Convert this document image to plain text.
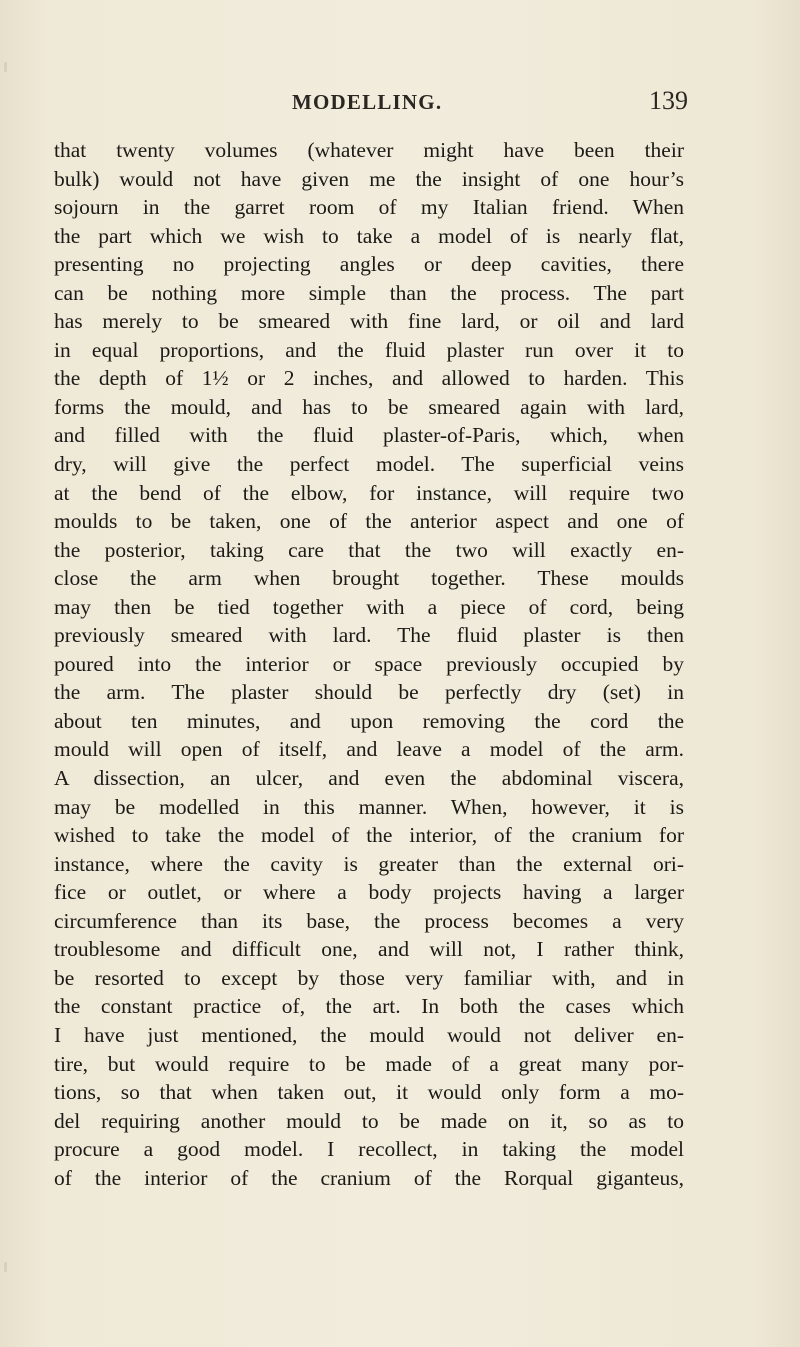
MODELLING.	139
that twenty volumes (whatever might have been their
bulk) would not have given me the insight of one hour’s
sojourn in the garret room of my Italian friend. When
the part which we wish to take a model of is nearly flat,
presenting no projecting angles or deep cavities, there
can be nothing more simple than the process. The part
has merely to be smeared with fine lard, or oil and lard
in equal proportions, and the fluid plaster run over it to
the depth of 1½ or 2 inches, and allowed to harden. This
forms the mould, and has to be smeared again with lard,
and filled with the fluid plaster-of-Paris, which, when
dry, will give the perfect model. The superficial veins
at the bend of the elbow, for instance, will require two
moulds to be taken, one of the anterior aspect and one of
the posterior, taking care that the two will exactly en-
close the arm when brought together. These moulds
may then be tied together with a piece of cord, being
previously smeared with lard. The fluid plaster is then
poured into the interior or space previously occupied by
the arm. The plaster should be perfectly dry (set) in
about ten minutes, and upon removing the cord the
mould will open of itself, and leave a model of the arm.
A dissection, an ulcer, and even the abdominal viscera,
may be modelled in this manner. When, however, it is
wished to take the model of the interior, of the cranium for
instance, where the cavity is greater than the external ori-
fice or outlet, or where a body projects having a larger
circumference than its base, the process becomes a very
troublesome and difficult one, and will not, I rather think,
be resorted to except by those very familiar with, and in
the constant practice of, the art. In both the cases which
I have just mentioned, the mould would not deliver en-
tire, but would require to be made of a great many por-
tions, so that when taken out, it would only form a mo-
del requiring another mould to be made on it, so as to
procure a good model. I recollect, in taking the model
of the interior of the cranium of the Rorqual giganteus,
